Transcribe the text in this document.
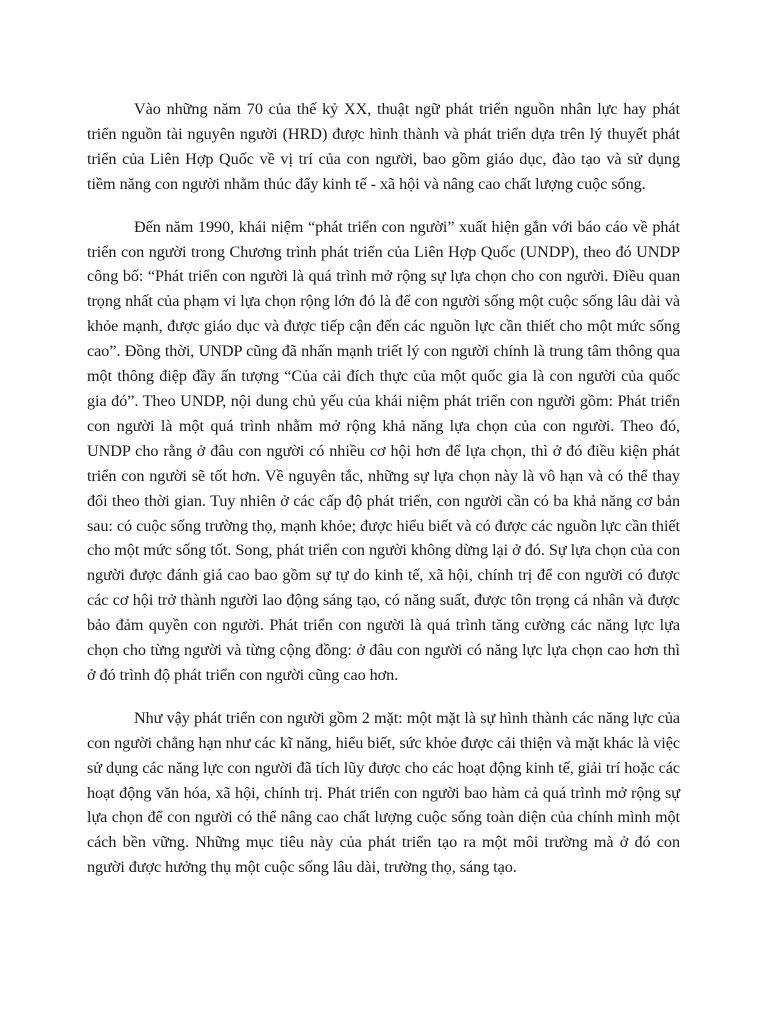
Vào những năm 70 của thế kỷ XX, thuật ngữ phát triển nguồn nhân lực hay phát triển nguồn tài nguyên người (HRD) được hình thành và phát triển dựa trên lý thuyết phát triển của Liên Hợp Quốc về vị trí của con người, bao gồm giáo dục, đào tạo và sử dụng tiềm năng con người nhằm thúc đẩy kinh tế - xã hội và nâng cao chất lượng cuộc sống.

Đến năm 1990, khái niệm “phát triển con người” xuất hiện gắn với báo cáo về phát triển con người trong Chương trình phát triển của Liên Hợp Quốc (UNDP), theo đó UNDP công bố: “Phát triển con người là quá trình mở rộng sự lựa chọn cho con người. Điều quan trọng nhất của phạm vi lựa chọn rộng lớn đó là để con người sống một cuộc sống lâu dài và khỏe mạnh, được giáo dục và được tiếp cận đến các nguồn lực cần thiết cho một mức sống cao”. Đồng thời, UNDP cũng đã nhấn mạnh triết lý con người chính là trung tâm thông qua một thông điệp đầy ấn tượng “Của cải đích thực của một quốc gia là con người của quốc gia đó”. Theo UNDP, nội dung chủ yếu của khái niệm phát triển con người gồm: Phát triển con người là một quá trình nhằm mở rộng khả năng lựa chọn của con người. Theo đó, UNDP cho rằng ở đâu con người có nhiều cơ hội hơn để lựa chọn, thì ở đó điều kiện phát triển con người sẽ tốt hơn. Về nguyên tắc, những sự lựa chọn này là vô hạn và có thể thay đổi theo thời gian. Tuy nhiên ở các cấp độ phát triển, con người cần có ba khả năng cơ bản sau: có cuộc sống trường thọ, mạnh khỏe; được hiểu biết và có được các nguồn lực cần thiết cho một mức sống tốt. Song, phát triển con người không dừng lại ở đó. Sự lựa chọn của con người được đánh giá cao bao gồm sự tự do kinh tế, xã hội, chính trị để con người có được các cơ hội trở thành người lao động sáng tạo, có năng suất, được tôn trọng cá nhân và được bảo đảm quyền con người. Phát triển con người là quá trình tăng cường các năng lực lựa chọn cho từng người và từng cộng đồng: ở đâu con người có năng lực lựa chọn cao hơn thì ở đó trình độ phát triển con người cũng cao hơn.

Như vậy phát triển con người gồm 2 mặt: một mặt là sự hình thành các năng lực của con người chẳng hạn như các kĩ năng, hiểu biết, sức khỏe được cải thiện và mặt khác là việc sử dụng các năng lực con người đã tích lũy được cho các hoạt động kinh tế, giải trí hoặc các hoạt động văn hóa, xã hội, chính trị. Phát triển con người bao hàm cả quá trình mở rộng sự lựa chọn để con người có thể nâng cao chất lượng cuộc sống toàn diện của chính mình một cách bền vững. Những mục tiêu này của phát triển tạo ra một môi trường mà ở đó con người được hưởng thụ một cuộc sống lâu dài, trường thọ, sáng tạo.
